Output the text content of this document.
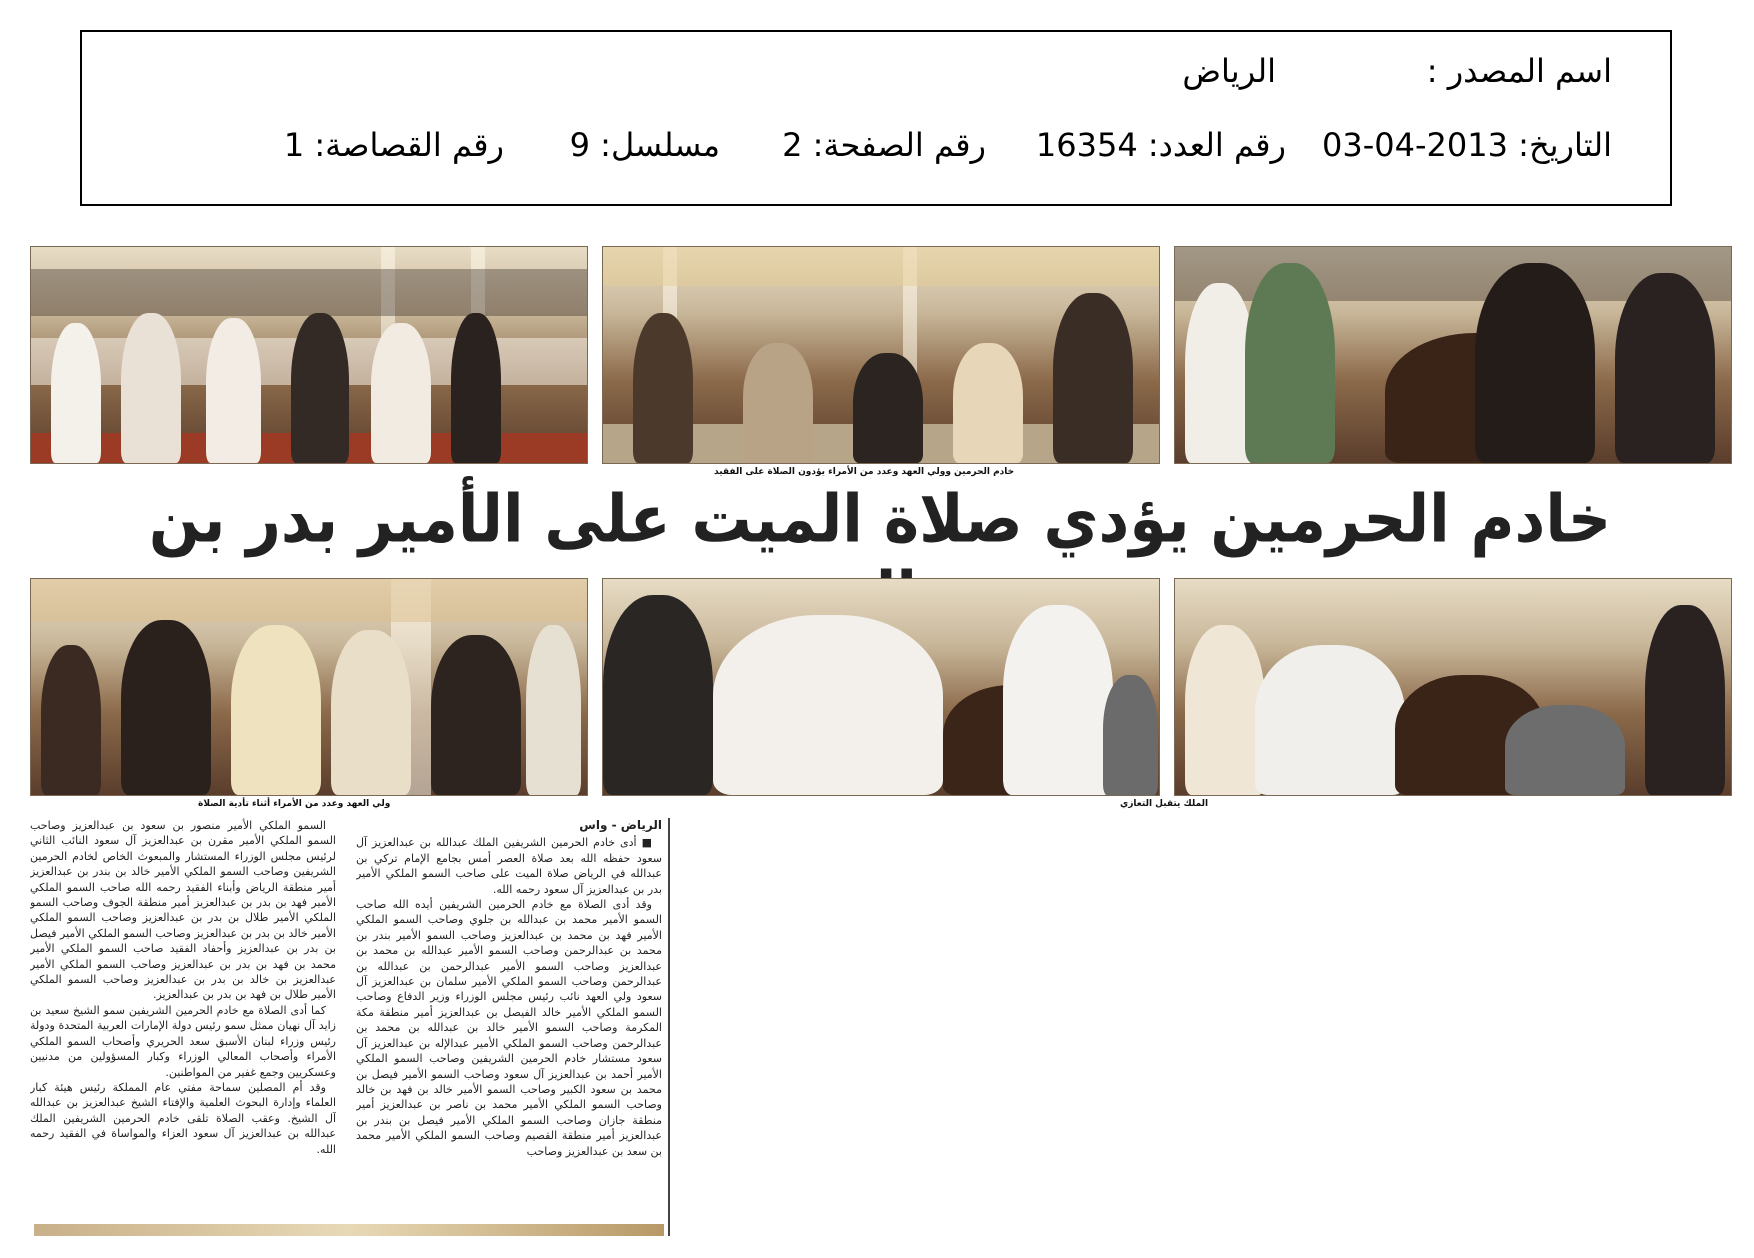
اسم المصدر :
الرياض
التاريخ: 2013-04-03
رقم العدد: 16354
رقم الصفحة: 2
مسلسل: 9
رقم القصاصة: 1
خادم الحرمين وولي العهد وعدد من الأمراء يؤدون الصلاة على الفقيد
خادم الحرمين يؤدي صلاة الميت على الأمير بدر بن
ولي العهد وعدد من الأمراء أثناء تأدية الصلاة	الملك يتقبل التعازي
الرياض - واس

■ أدى خادم الحرمين الشريفين الملك عبدالله بن عبدالعزيز آل سعود حفظه الله بعد صلاة العصر أمس بجامع الإمام تركي بن عبدالله في الرياض صلاة الميت على صاحب السمو الملكي الأمير بدر بن عبدالعزيز آل سعود رحمه الله.

وقد أدى الصلاة مع خادم الحرمين الشريفين أيده الله صاحب السمو الأمير محمد بن عبدالله بن جلوي وصاحب السمو الملكي الأمير فهد بن محمد بن عبدالعزيز وصاحب السمو الأمير بندر بن محمد بن عبدالرحمن وصاحب السمو الأمير عبدالله بن محمد بن عبدالعزيز وصاحب السمو الأمير عبدالرحمن بن عبدالله بن عبدالرحمن وصاحب السمو الملكي الأمير سلمان بن عبدالعزيز آل سعود ولي العهد نائب رئيس مجلس الوزراء وزير الدفاع وصاحب السمو الملكي الأمير خالد الفيصل بن عبدالعزيز أمير منطقة مكة المكرمة وصاحب السمو الأمير خالد بن عبدالله بن محمد بن عبدالرحمن وصاحب السمو الملكي الأمير عبدالإله بن عبدالعزيز آل سعود مستشار خادم الحرمين الشريفين وصاحب السمو الملكي الأمير أحمد بن عبدالعزيز آل سعود وصاحب السمو الأمير فيصل بن محمد بن سعود الكبير وصاحب السمو الأمير خالد بن فهد بن خالد وصاحب السمو الملكي الأمير محمد بن ناصر بن عبدالعزيز أمير منطقة جازان وصاحب السمو الملكي الأمير فيصل بن بندر بن عبدالعزيز أمير منطقة القصيم وصاحب السمو الملكي الأمير محمد بن سعد بن عبدالعزيز وصاحب

السمو الملكي الأمير منصور بن سعود بن عبدالعزيز وصاحب السمو الملكي الأمير مقرن بن عبدالعزيز آل سعود النائب الثاني لرئيس مجلس الوزراء المستشار والمبعوث الخاص لخادم الحرمين الشريفين وصاحب السمو الملكي الأمير خالد بن بندر بن عبدالعزيز أمير منطقة الرياض وأبناء الفقيد رحمه الله صاحب السمو الملكي الأمير فهد بن بدر بن عبدالعزيز أمير منطقة الجوف وصاحب السمو الملكي الأمير طلال بن بدر بن عبدالعزيز وصاحب السمو الملكي الأمير خالد بن بدر بن عبدالعزيز وصاحب السمو الملكي الأمير فيصل بن بدر بن عبدالعزيز وأحفاد الفقيد صاحب السمو الملكي الأمير محمد بن فهد بن بدر بن عبدالعزيز وصاحب السمو الملكي الأمير عبدالعزيز بن خالد بن بدر بن عبدالعزيز وصاحب السمو الملكي الأمير طلال بن فهد بن بدر بن عبدالعزيز.

كما أدى الصلاة مع خادم الحرمين الشريفين سمو الشيخ سعيد بن زايد آل نهيان ممثل سمو رئيس دولة الإمارات العربية المتحدة ودولة رئيس وزراء لبنان الأسبق سعد الحريري وأصحاب السمو الملكي الأمراء وأصحاب المعالي الوزراء وكبار المسؤولين من مدنيين وعسكريين وجمع غفير من المواطنين.

وقد أم المصلين سماحة مفتي عام المملكة رئيس هيئة كبار العلماء وإدارة البحوث العلمية والإفتاء الشيخ عبدالعزيز بن عبدالله آل الشيخ. وعقب الصلاة تلقى خادم الحرمين الشريفين الملك عبدالله بن عبدالعزيز آل سعود العزاء والمواساة في الفقيد رحمه الله.
